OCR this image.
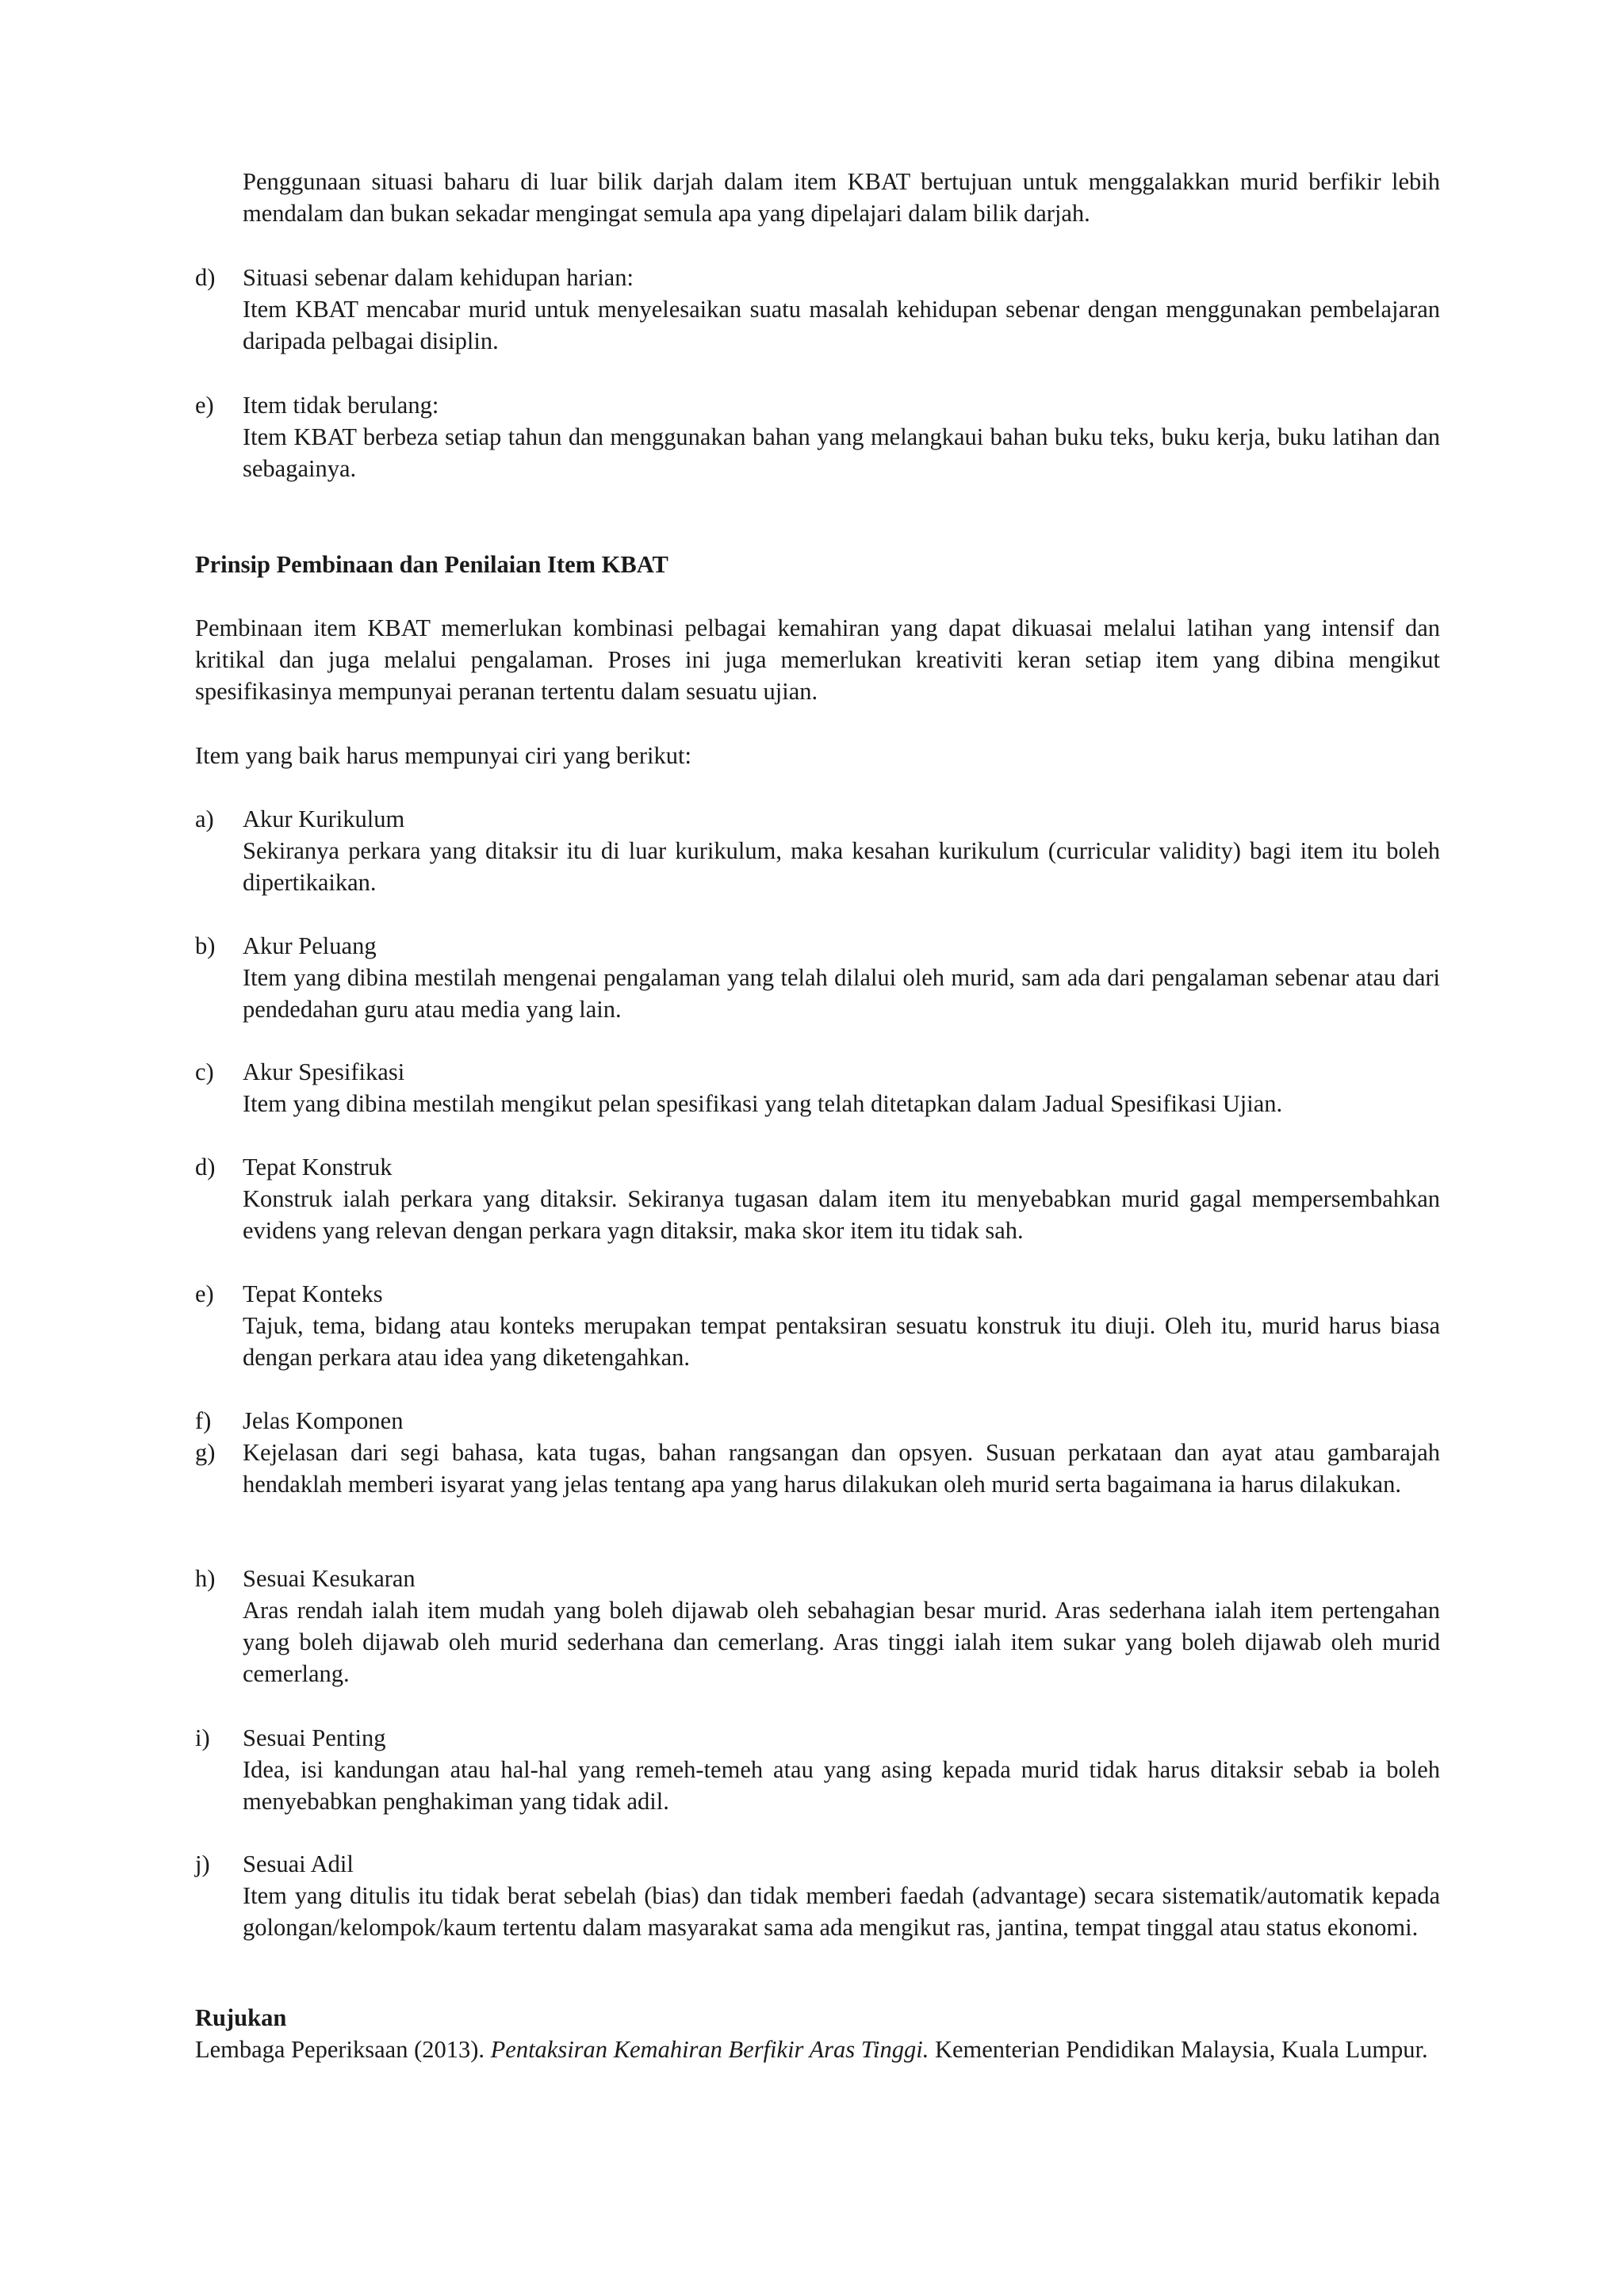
Penggunaan situasi baharu di luar bilik darjah dalam item KBAT bertujuan untuk menggalakkan murid berfikir lebih mendalam dan bukan sekadar mengingat semula apa yang dipelajari dalam bilik darjah.
d)	Situasi sebenar dalam kehidupan harian:
Item KBAT mencabar murid untuk menyelesaikan suatu masalah kehidupan sebenar dengan menggunakan pembelajaran daripada pelbagai disiplin.
e)	Item tidak berulang:
Item KBAT berbeza setiap tahun dan menggunakan bahan yang melangkaui bahan buku teks, buku kerja, buku latihan dan sebagainya.
Prinsip Pembinaan dan Penilaian Item KBAT
Pembinaan item KBAT memerlukan kombinasi pelbagai kemahiran yang dapat dikuasai melalui latihan yang intensif dan kritikal dan juga melalui pengalaman. Proses ini juga memerlukan kreativiti keran setiap item yang dibina mengikut spesifikasinya mempunyai peranan tertentu dalam sesuatu ujian.
Item yang baik harus mempunyai ciri yang berikut:
a)	Akur Kurikulum
Sekiranya perkara yang ditaksir itu di luar kurikulum, maka kesahan kurikulum (curricular validity) bagi item itu boleh dipertikaikan.
b)	Akur Peluang
Item yang dibina mestilah mengenai pengalaman yang telah dilalui oleh murid, sam ada dari pengalaman sebenar atau dari pendedahan guru atau media yang lain.
c)	Akur Spesifikasi
Item yang dibina mestilah mengikut pelan spesifikasi yang telah ditetapkan dalam Jadual Spesifikasi Ujian.
d)	Tepat Konstruk
Konstruk ialah perkara yang ditaksir. Sekiranya tugasan dalam item itu menyebabkan murid gagal mempersembahkan evidens yang relevan dengan perkara yagn ditaksir, maka skor item itu tidak sah.
e)	Tepat Konteks
Tajuk, tema, bidang atau konteks merupakan tempat pentaksiran sesuatu konstruk itu diuji. Oleh itu, murid harus biasa dengan perkara atau idea yang diketengahkan.
f)	Jelas Komponen
g)	Kejelasan dari segi bahasa, kata tugas, bahan rangsangan dan opsyen. Susuan perkataan dan ayat atau gambarajah hendaklah memberi isyarat yang jelas tentang apa yang harus dilakukan oleh murid serta bagaimana ia harus dilakukan.
h)	Sesuai Kesukaran
Aras rendah ialah item mudah yang boleh dijawab oleh sebahagian besar murid. Aras sederhana ialah item pertengahan yang boleh dijawab oleh murid sederhana dan cemerlang. Aras tinggi ialah item sukar yang boleh dijawab oleh murid cemerlang.
i)	Sesuai Penting
Idea, isi kandungan atau hal-hal yang remeh-temeh atau yang asing kepada murid tidak harus ditaksir sebab ia boleh menyebabkan penghakiman yang tidak adil.
j)	Sesuai Adil
Item yang ditulis itu tidak berat sebelah (bias) dan tidak memberi faedah (advantage) secara sistematik/automatik kepada golongan/kelompok/kaum tertentu dalam masyarakat sama ada mengikut ras, jantina, tempat tinggal atau status ekonomi.
Rujukan
Lembaga Peperiksaan (2013). Pentaksiran Kemahiran Berfikir Aras Tinggi. Kementerian Pendidikan Malaysia, Kuala Lumpur.
